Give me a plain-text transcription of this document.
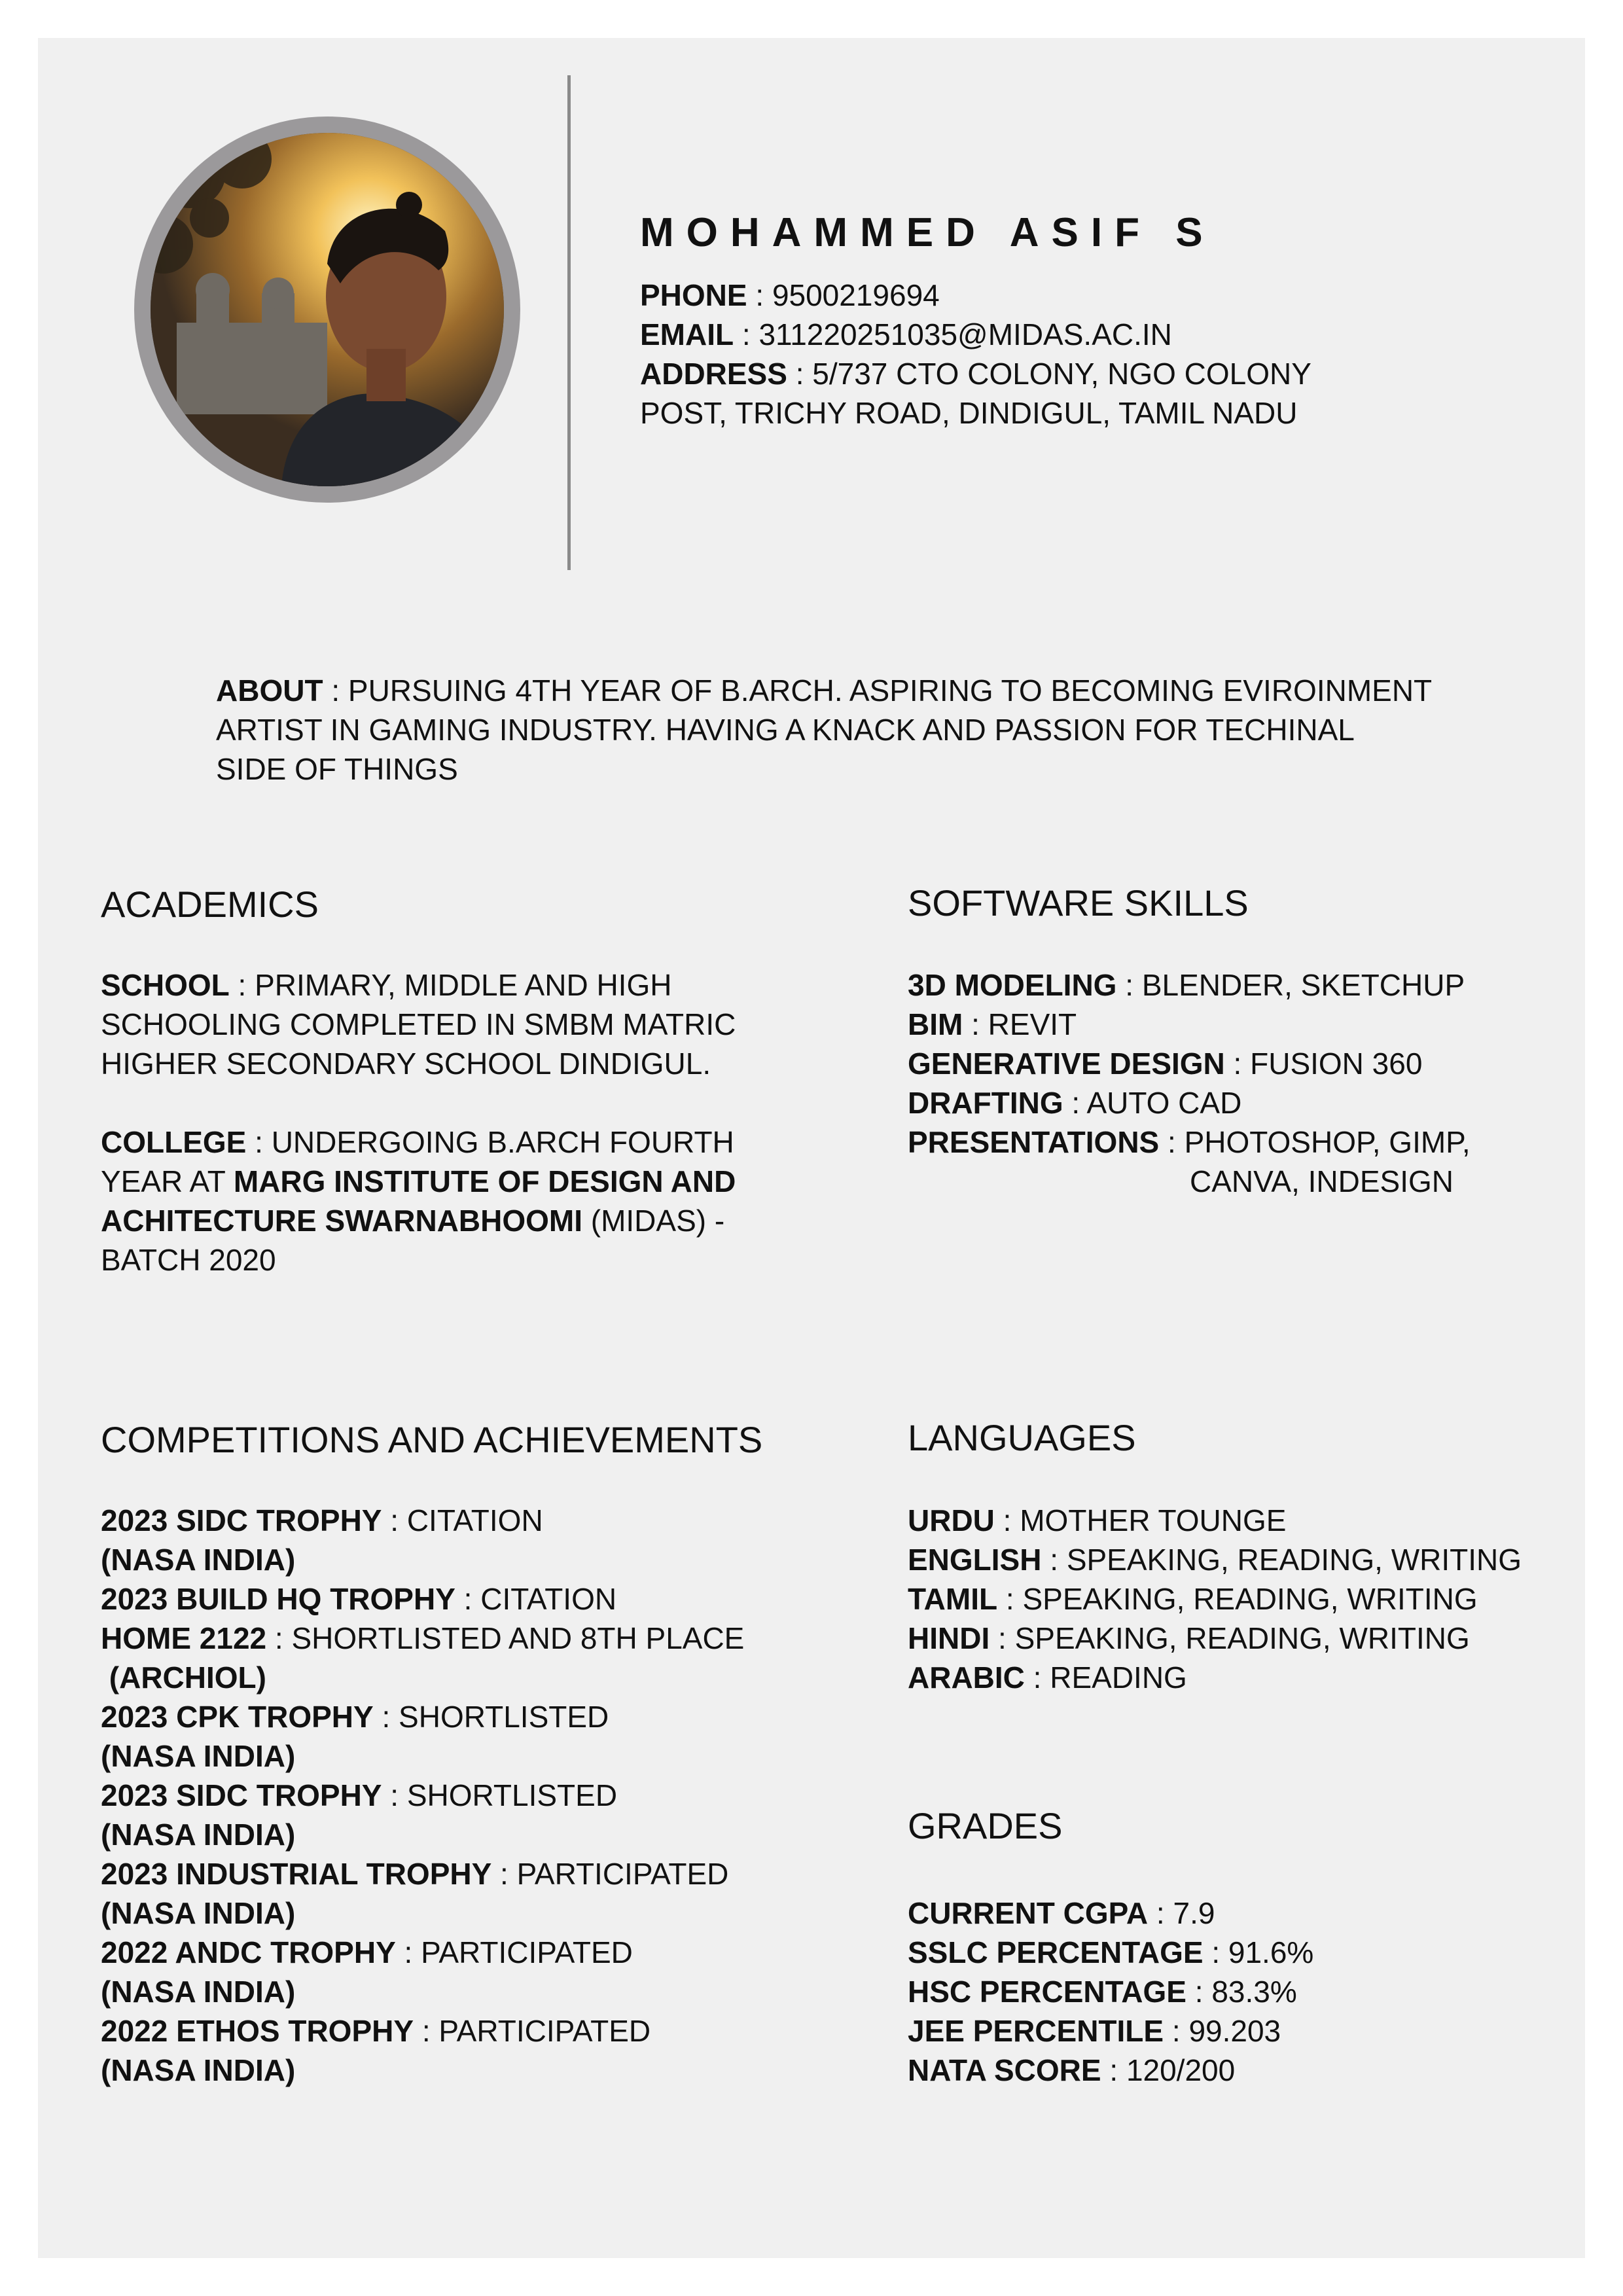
MOHAMMED ASIF S
PHONE : 9500219694
EMAIL : 311220251035@MIDAS.AC.IN
ADDRESS : 5/737 CTO COLONY, NGO COLONY
POST, TRICHY ROAD, DINDIGUL, TAMIL NADU
ABOUT : PURSUING 4TH YEAR OF B.ARCH. ASPIRING TO BECOMING EVIROINMENT
ARTIST IN GAMING INDUSTRY. HAVING A KNACK AND PASSION FOR TECHINAL
SIDE OF THINGS
ACADEMICS
SCHOOL : PRIMARY, MIDDLE AND HIGH
SCHOOLING COMPLETED IN SMBM MATRIC
HIGHER SECONDARY SCHOOL DINDIGUL.
COLLEGE : UNDERGOING B.ARCH FOURTH
YEAR AT MARG INSTITUTE OF DESIGN AND
ACHITECTURE SWARNABHOOMI (MIDAS) -
BATCH 2020
SOFTWARE SKILLS
3D MODELING : BLENDER, SKETCHUP
BIM : REVIT
GENERATIVE DESIGN : FUSION 360
DRAFTING : AUTO CAD
PRESENTATIONS : PHOTOSHOP, GIMP,
CANVA, INDESIGN
COMPETITIONS AND ACHIEVEMENTS
2023 SIDC TROPHY : CITATION
(NASA INDIA)
2023 BUILD HQ TROPHY : CITATION
HOME 2122 : SHORTLISTED AND 8TH PLACE
(ARCHIOL)
2023 CPK TROPHY : SHORTLISTED
(NASA INDIA)
2023 SIDC TROPHY : SHORTLISTED
(NASA INDIA)
2023 INDUSTRIAL TROPHY : PARTICIPATED
(NASA INDIA)
2022 ANDC TROPHY : PARTICIPATED
(NASA INDIA)
2022 ETHOS TROPHY : PARTICIPATED
(NASA INDIA)
LANGUAGES
URDU : MOTHER TOUNGE
ENGLISH : SPEAKING, READING, WRITING
TAMIL : SPEAKING, READING, WRITING
HINDI : SPEAKING, READING, WRITING
ARABIC : READING
GRADES
CURRENT CGPA : 7.9
SSLC PERCENTAGE : 91.6%
HSC PERCENTAGE : 83.3%
JEE PERCENTILE : 99.203
NATA SCORE : 120/200
